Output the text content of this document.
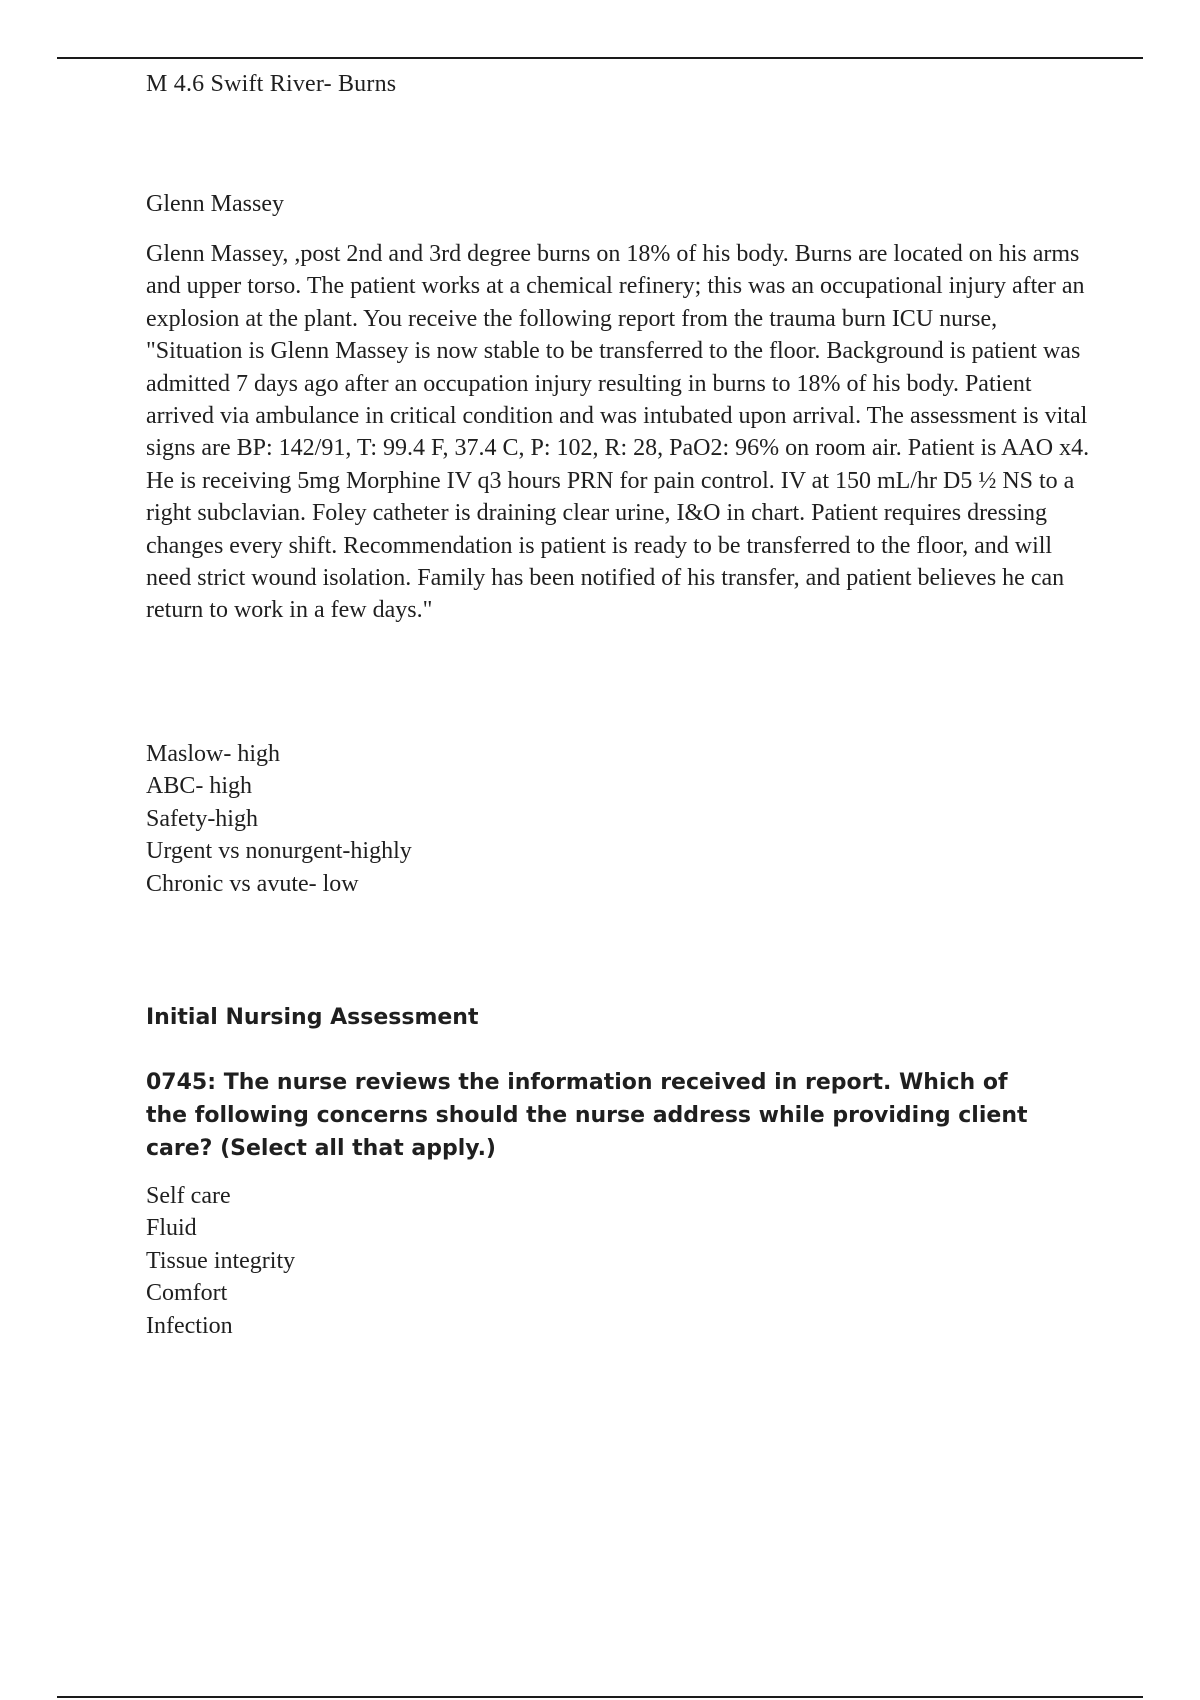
M 4.6 Swift River- Burns

Glenn Massey

Glenn Massey, ,post 2nd and 3rd degree burns on 18% of his body. Burns are located on his arms and upper torso. The patient works at a chemical refinery; this was an occupational injury after an explosion at the plant. You receive the following report from the trauma burn ICU nurse, "Situation is Glenn Massey is now stable to be transferred to the floor. Background is patient was admitted 7 days ago after an occupation injury resulting in burns to 18% of his body. Patient arrived via ambulance in critical condition and was intubated upon arrival. The assessment is vital signs are BP: 142/91, T: 99.4 F, 37.4 C, P: 102, R: 28, PaO2: 96% on room air. Patient is AAO x4. He is receiving 5mg Morphine IV q3 hours PRN for pain control. IV at 150 mL/hr D5 ½ NS to a right subclavian. Foley catheter is draining clear urine, I&O in chart. Patient requires dressing changes every shift. Recommendation is patient is ready to be transferred to the floor, and will need strict wound isolation. Family has been notified of his transfer, and patient believes he can return to work in a few days."

Maslow- high
ABC- high
Safety-high
Urgent vs nonurgent-highly
Chronic vs avute- low

Initial Nursing Assessment

0745: The nurse reviews the information received in report. Which of the following concerns should the nurse address while providing client care? (Select all that apply.)

Self care
Fluid
Tissue integrity
Comfort
Infection
